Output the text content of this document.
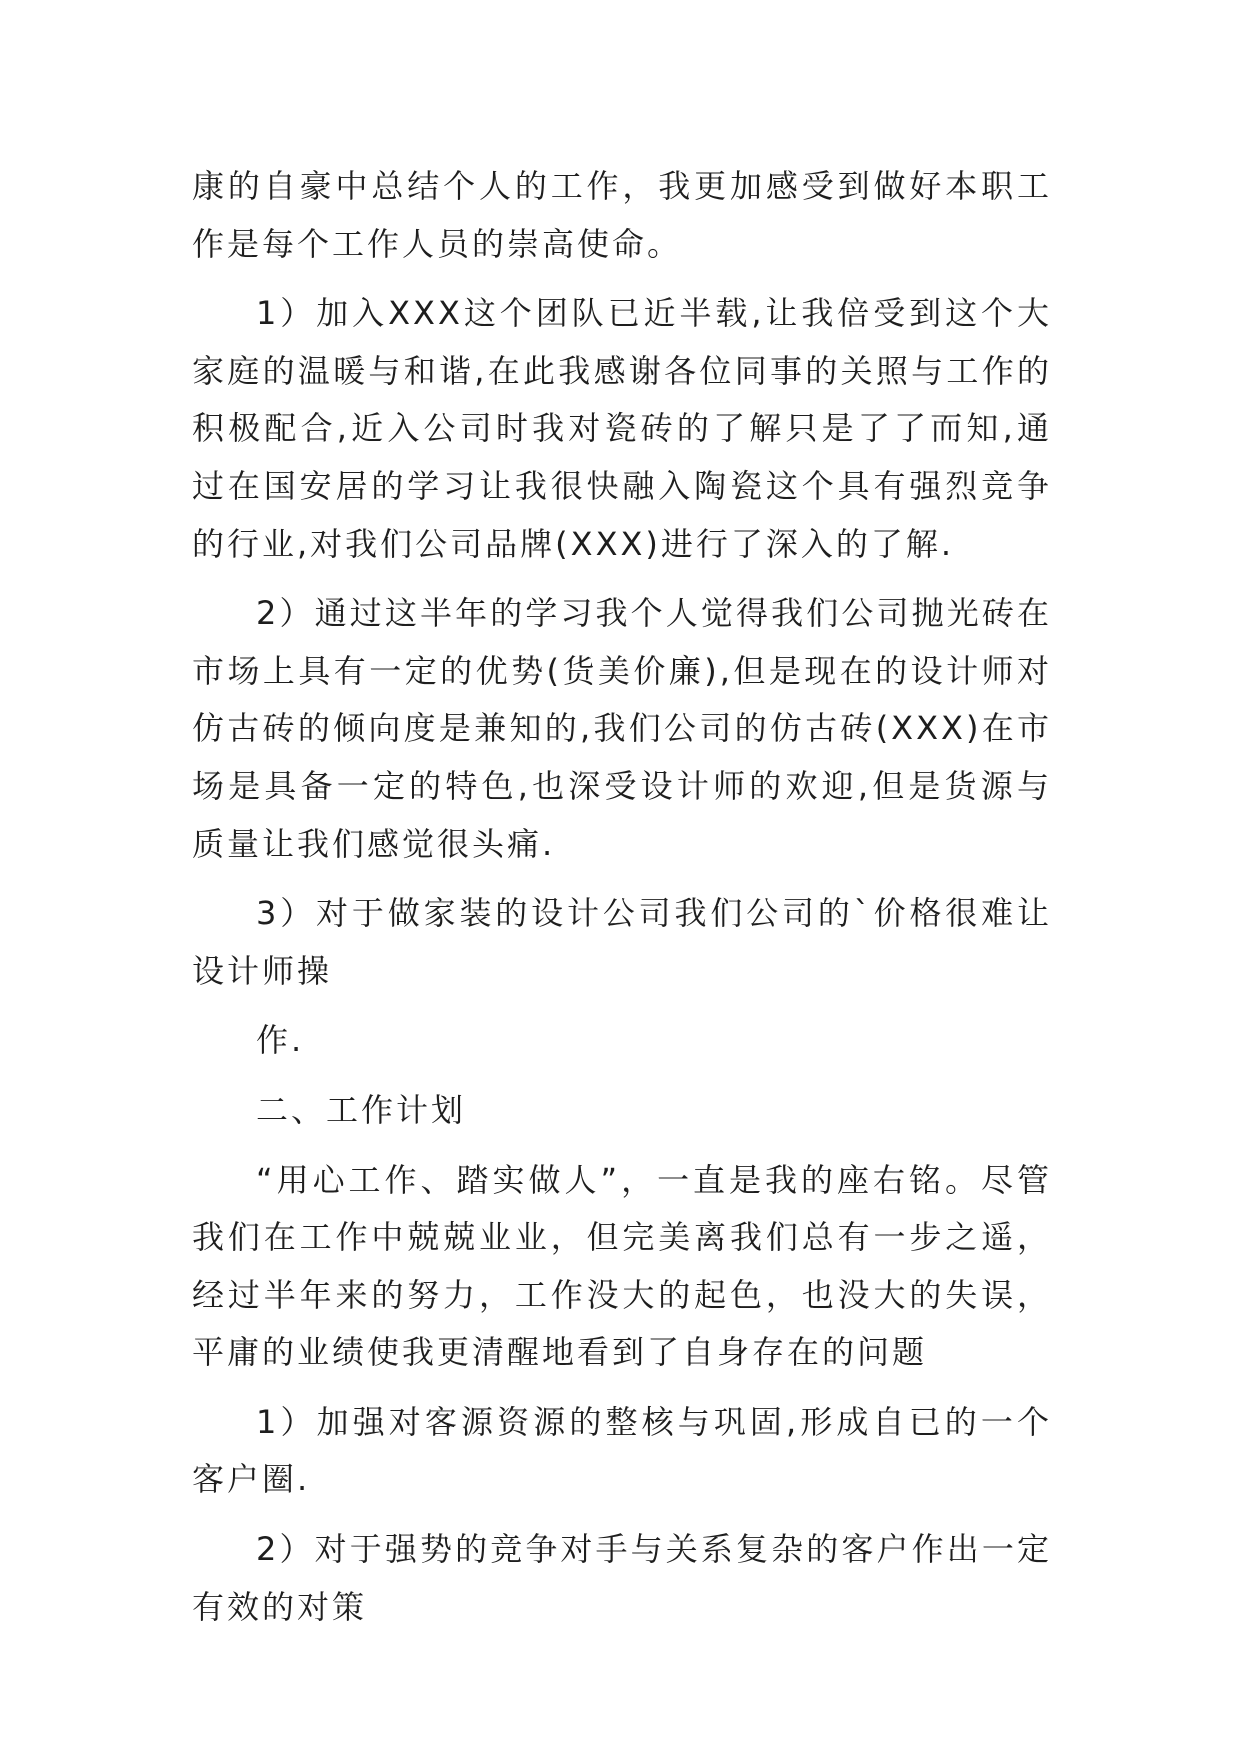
康的自豪中总结个人的工作，我更加感受到做好本职工作是每个工作人员的崇高使命。

1）加入XXX这个团队已近半载,让我倍受到这个大家庭的温暖与和谐,在此我感谢各位同事的关照与工作的积极配合,近入公司时我对瓷砖的了解只是了了而知,通过在国安居的学习让我很快融入陶瓷这个具有强烈竞争的行业,对我们公司品牌(XXX)进行了深入的了解.

2）通过这半年的学习我个人觉得我们公司抛光砖在市场上具有一定的优势(货美价廉),但是现在的设计师对仿古砖的倾向度是兼知的,我们公司的仿古砖(XXX)在市场是具备一定的特色,也深受设计师的欢迎,但是货源与质量让我们感觉很头痛.

3）对于做家装的设计公司我们公司的`价格很难让设计师操

作.

二、工作计划

“用心工作、踏实做人”，一直是我的座右铭。尽管我们在工作中兢兢业业，但完美离我们总有一步之遥，经过半年来的努力，工作没大的起色，也没大的失误，平庸的业绩使我更清醒地看到了自身存在的问题

1）加强对客源资源的整核与巩固,形成自已的一个客户圈.

2）对于强势的竞争对手与关系复杂的客户作出一定有效的对策
